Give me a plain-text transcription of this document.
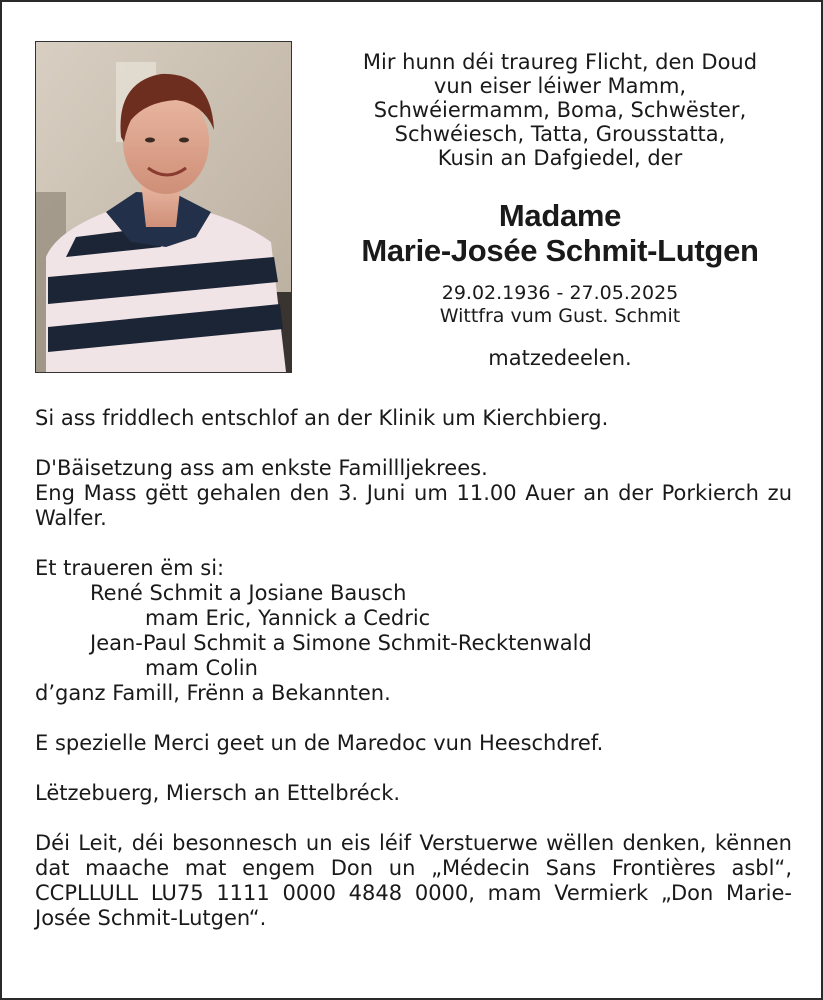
Mir hunn déi traureg Flicht, den Doud
vun eiser léiwer Mamm,
Schwéiermamm, Boma, Schwëster,
Schwéiesch, Tatta, Grousstatta,
Kusin an Dafgiedel, der
Madame
Marie-Josée Schmit-Lutgen
29.02.1936 - 27.05.2025
Wittfra vum Gust. Schmit
matzedeelen.

Si ass friddlech entschlof an der Klinik um Kierchbierg.

D'Bäisetzung ass am enkste Famillljekrees.

Eng Mass gëtt gehalen den 3. Juni um 11.00 Auer an der Porkierch zu Walfer.

Et traueren ëm si:

René Schmit a Josiane Bausch

mam Eric, Yannick a Cedric

Jean-Paul Schmit a Simone Schmit-Recktenwald

mam Colin

d’ganz Famill, Frënn a Bekannten.

E spezielle Merci geet un de Maredoc vun Heeschdref.

Lëtzebuerg, Miersch an Ettelbréck.

Déi Leit, déi besonnesch un eis léif Verstuerwe wëllen denken, kënnen dat maache mat engem Don un „Médecin Sans Frontières asbl“, CCPLLULL LU75 1111 0000 4848 0000, mam Vermierk „Don Marie-Josée Schmit-Lutgen“.
